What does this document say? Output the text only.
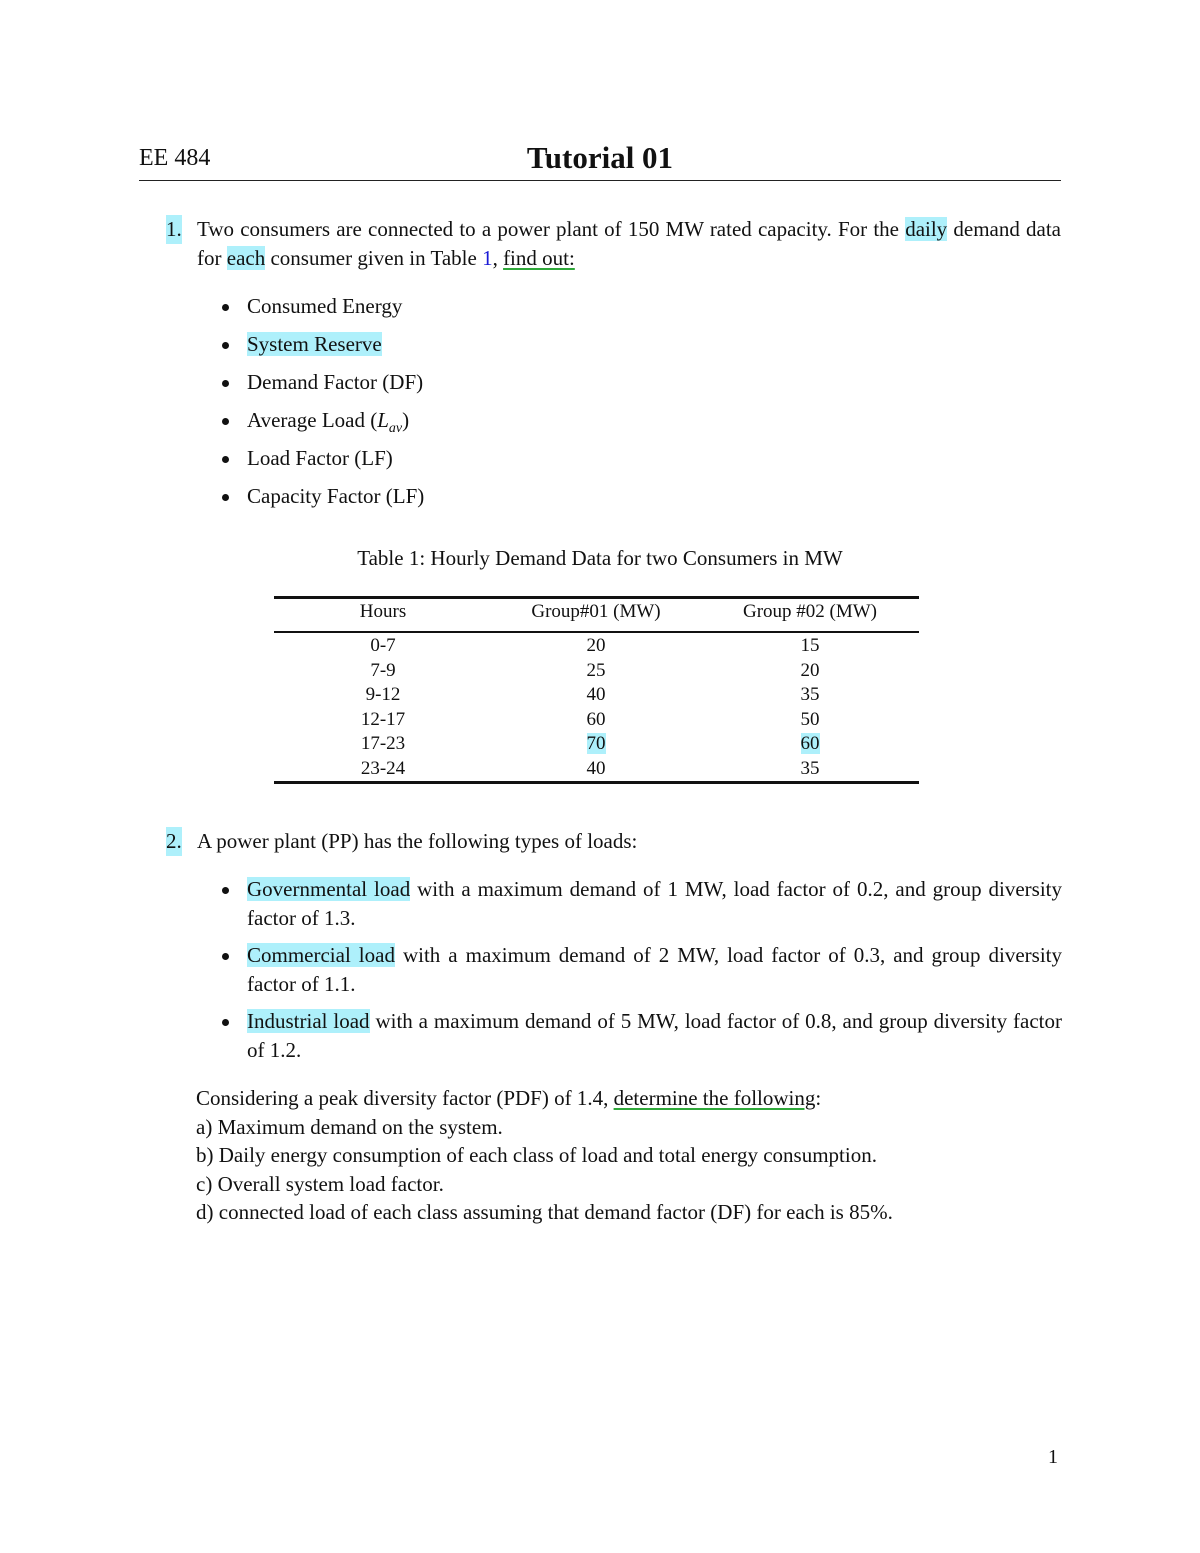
EE 484	Tutorial 01
1. Two consumers are connected to a power plant of 150 MW rated capacity. For the daily demand data for each consumer given in Table 1, find out:
Consumed Energy
System Reserve
Demand Factor (DF)
Average Load $(L_{av})$
Load Factor (LF)
Capacity Factor (LF)
Table 1: Hourly Demand Data for two Consumers in MW
Hours	Group#01 (MW)	Group #02 (MW)
0-7	20	15
7-9	25	20
9-12	40	35
12-17	60	50
17-23	70	60
23-24	40	35
2. A power plant (PP) has the following types of loads:
Governmental load with a maximum demand of 1 MW, load factor of 0.2, and group diversity factor of 1.3.
Commercial load with a maximum demand of 2 MW, load factor of 0.3, and group diversity factor of 1.1.
Industrial load with a maximum demand of 5 MW, load factor of 0.8, and group diversity factor of 1.2.
Considering a peak diversity factor (PDF) of 1.4, determine the following:
a) Maximum demand on the system.
b) Daily energy consumption of each class of load and total energy consumption.
c) Overall system load factor.
d) connected load of each class assuming that demand factor (DF) for each is 85%.
1
